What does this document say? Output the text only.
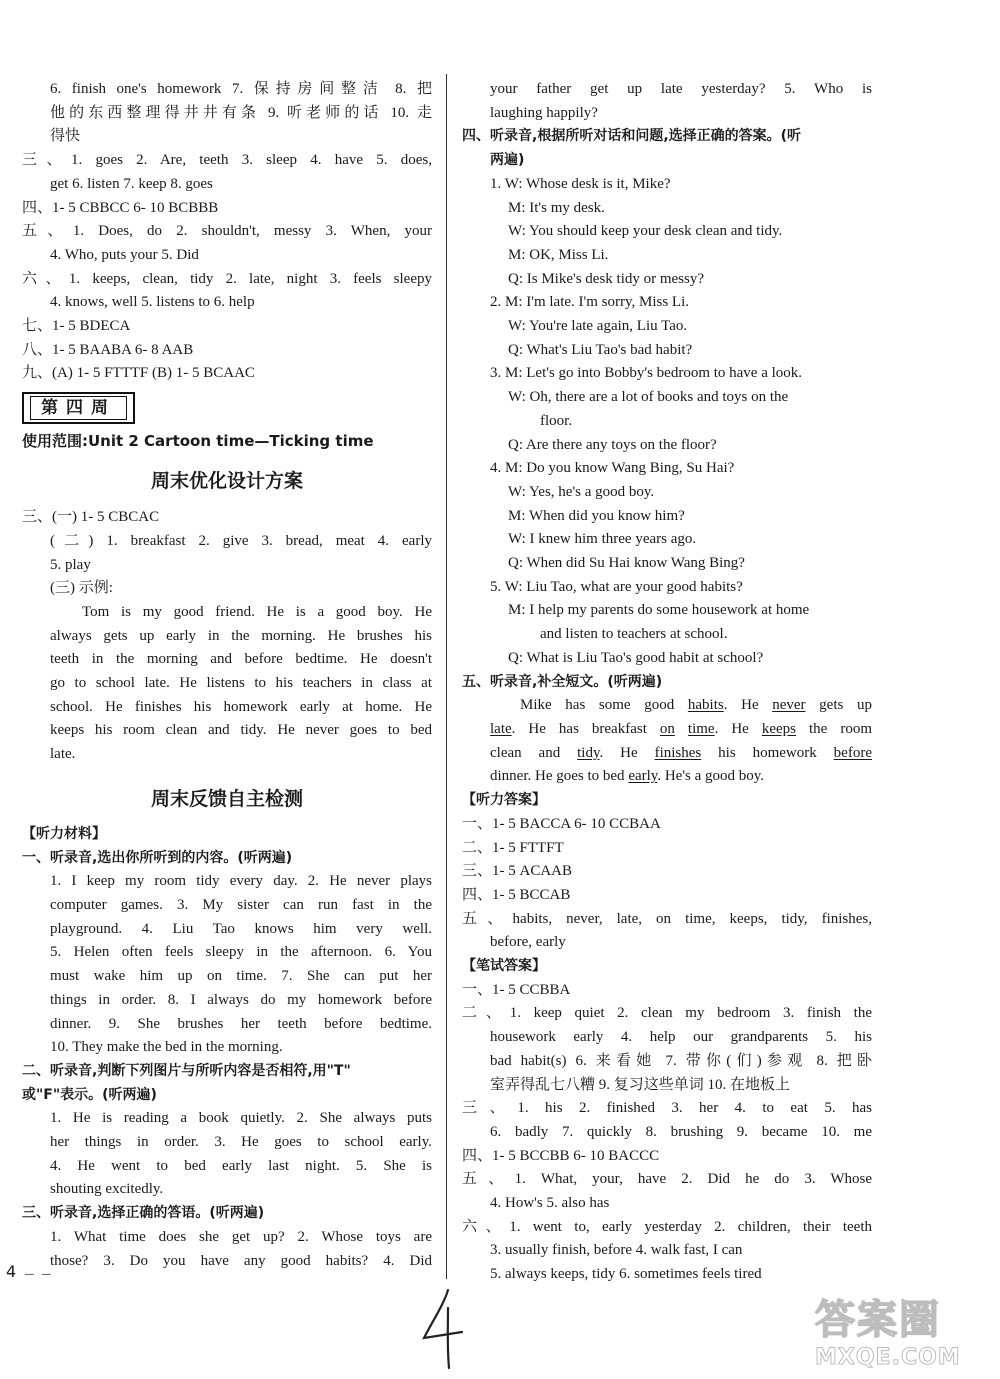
6. finish one's homework 7. 保持房间整洁 8. 把
他的东西整理得井井有条 9. 听老师的话 10. 走
得快
三、1. goes 2. Are, teeth 3. sleep 4. have 5. does,
get 6. listen 7. keep 8. goes
四、1- 5 CBBCC 6- 10 BCBBB
五、1. Does, do 2. shouldn't, messy 3. When, your
4. Who, puts your 5. Did
六、1. keeps, clean, tidy 2. late, night 3. feels sleepy
4. knows, well 5. listens to 6. help
七、1- 5 BDECA
八、1- 5 BAABA 6- 8 AAB
九、(A) 1- 5 FTTTF (B) 1- 5 BCAAC
第四周
使用范围:Unit 2 Cartoon time—Ticking time
周末优化设计方案
三、(一) 1- 5 CBCAC
(二) 1. breakfast 2. give 3. bread, meat 4. early
5. play
(三) 示例:
Tom is my good friend. He is a good boy. He
always gets up early in the morning. He brushes his
teeth in the morning and before bedtime. He doesn't
go to school late. He listens to his teachers in class at
school. He finishes his homework early at home. He
keeps his room clean and tidy. He never goes to bed
late.
周末反馈自主检测
【听力材料】
一、听录音,选出你所听到的内容。(听两遍)
1. I keep my room tidy every day. 2. He never plays
computer games. 3. My sister can run fast in the
playground. 4. Liu Tao knows him very well.
5. Helen often feels sleepy in the afternoon. 6. You
must wake him up on time. 7. She can put her
things in order. 8. I always do my homework before
dinner. 9. She brushes her teeth before bedtime.
10. They make the bed in the morning.
二、听录音,判断下列图片与所听内容是否相符,用"T"
或"F"表示。(听两遍)
1. He is reading a book quietly. 2. She always puts
her things in order. 3. He goes to school early.
4. He went to bed early last night. 5. She is
shouting excitedly.
三、听录音,选择正确的答语。(听两遍)
1. What time does she get up? 2. Whose toys are
those? 3. Do you have any good habits? 4. Did
your father get up late yesterday? 5. Who is
laughing happily?
四、听录音,根据所听对话和问题,选择正确的答案。(听
两遍)
1. W: Whose desk is it, Mike?
M: It's my desk.
W: You should keep your desk clean and tidy.
M: OK, Miss Li.
Q: Is Mike's desk tidy or messy?
2. M: I'm late. I'm sorry, Miss Li.
W: You're late again, Liu Tao.
Q: What's Liu Tao's bad habit?
3. M: Let's go into Bobby's bedroom to have a look.
W: Oh, there are a lot of books and toys on the
floor.
Q: Are there any toys on the floor?
4. M: Do you know Wang Bing, Su Hai?
W: Yes, he's a good boy.
M: When did you know him?
W: I knew him three years ago.
Q: When did Su Hai know Wang Bing?
5. W: Liu Tao, what are your good habits?
M: I help my parents do some housework at home
and listen to teachers at school.
Q: What is Liu Tao's good habit at school?
五、听录音,补全短文。(听两遍)
Mike has some good habits. He never gets up
late. He has breakfast on time. He keeps the room
clean and tidy. He finishes his homework before
dinner. He goes to bed early. He's a good boy.
【听力答案】
一、1- 5 BACCA 6- 10 CCBAA
二、1- 5 FTTFT
三、1- 5 ACAAB
四、1- 5 BCCAB
五、habits, never, late, on time, keeps, tidy, finishes,
before, early
【笔试答案】
一、1- 5 CCBBA
二、1. keep quiet 2. clean my bedroom 3. finish the
housework early 4. help our grandparents 5. his
bad habit(s) 6. 来看她 7. 带你(们)参观 8. 把卧
室弄得乱七八糟 9. 复习这些单词 10. 在地板上
三、1. his 2. finished 3. her 4. to eat 5. has
6. badly 7. quickly 8. brushing 9. became 10. me
四、1- 5 BCCBB 6- 10 BACCC
五、1. What, your, have 2. Did he do 3. Whose
4. How's 5. also has
六、1. went to, early yesterday 2. children, their teeth
3. usually finish, before 4. walk fast, I can
5. always keeps, tidy 6. sometimes feels tired
4 — —
答案圈
MXQE.COM
